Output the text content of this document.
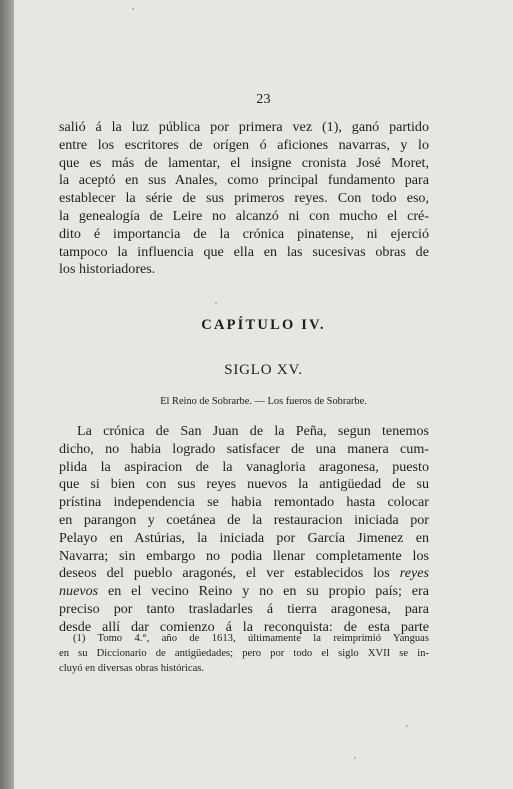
23
salió á la luz pública por primera vez (1), ganó partido
entre los escritores de orígen ó aficiones navarras, y lo
que es más de lamentar, el insigne cronista José Moret,
la aceptó en sus Anales, como principal fundamento para
establecer la série de sus primeros reyes. Con todo eso,
la genealogía de Leire no alcanzó ni con mucho el cré-
dito é importancia de la crónica pinatense, ni ejerció
tampoco la influencia que ella en las sucesivas obras de
los historiadores.
CAPÍTULO IV.
SIGLO XV.
El Reino de Sobrarbe. — Los fueros de Sobrarbe.
La crónica de San Juan de la Peña, segun tenemos
dicho, no habia logrado satisfacer de una manera cum-
plida la aspiracion de la vanagloria aragonesa, puesto
que si bien con sus reyes nuevos la antigüedad de su
prístina independencia se habia remontado hasta colocar
en parangon y coetánea de la restauracion iniciada por
Pelayo en Astúrias, la iniciada por García Jimenez en
Navarra; sin embargo no podia llenar completamente los
deseos del pueblo aragonés, el ver establecidos los reyes
nuevos en el vecino Reino y no en su propio país; era
preciso por tanto trasladarles á tierra aragonesa, para
desde allí dar comienzo á la reconquista: de esta parte
(1) Tomo 4.°, año de 1613, últimamente la reimprimió Yanguas
en su Diccionario de antigüedades; pero por todo el siglo XVII se in-
cluyó en diversas obras históricas.
